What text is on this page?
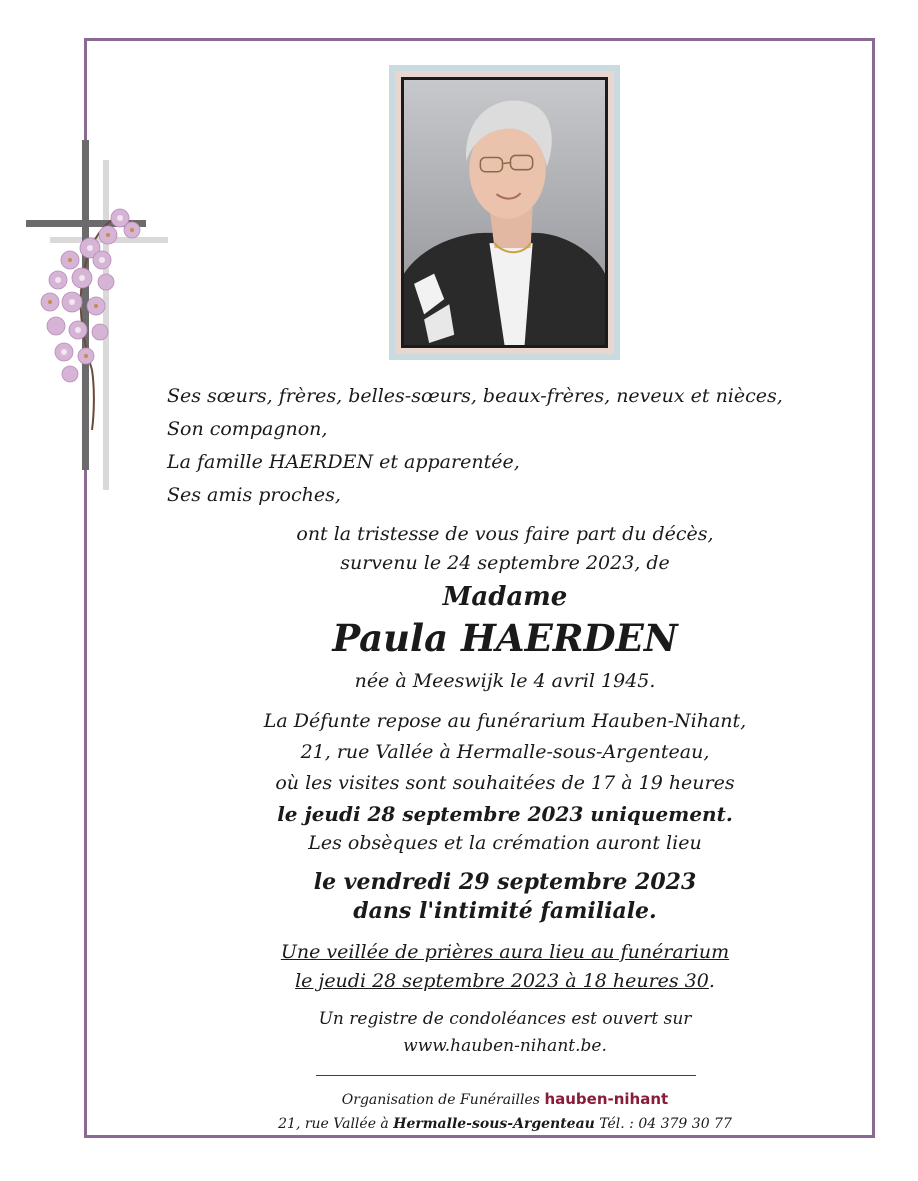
Ses sœurs, frères, belles-sœurs, beaux-frères, neveux et nièces,
Son compagnon,
La famille HAERDEN et apparentée,
Ses amis proches,
ont la tristesse de vous faire part du décès,
survenu le 24 septembre 2023, de
Madame
Paula HAERDEN
née à Meeswijk le 4 avril 1945.
La Défunte repose au funérarium Hauben-Nihant,
21, rue Vallée à Hermalle-sous-Argenteau,
où les visites sont souhaitées de 17 à 19 heures
le jeudi 28 septembre 2023 uniquement.
Les obsèques et la crémation auront lieu
le vendredi 29 septembre 2023
dans l'intimité familiale.
Une veillée de prières aura lieu au funérarium
le jeudi 28 septembre 2023 à 18 heures 30.
Un registre de condoléances est ouvert sur
www.hauben-nihant.be.
Organisation de Funérailles hauben-nihant
21, rue Vallée à Hermalle-sous-Argenteau Tél. : 04 379 30 77
